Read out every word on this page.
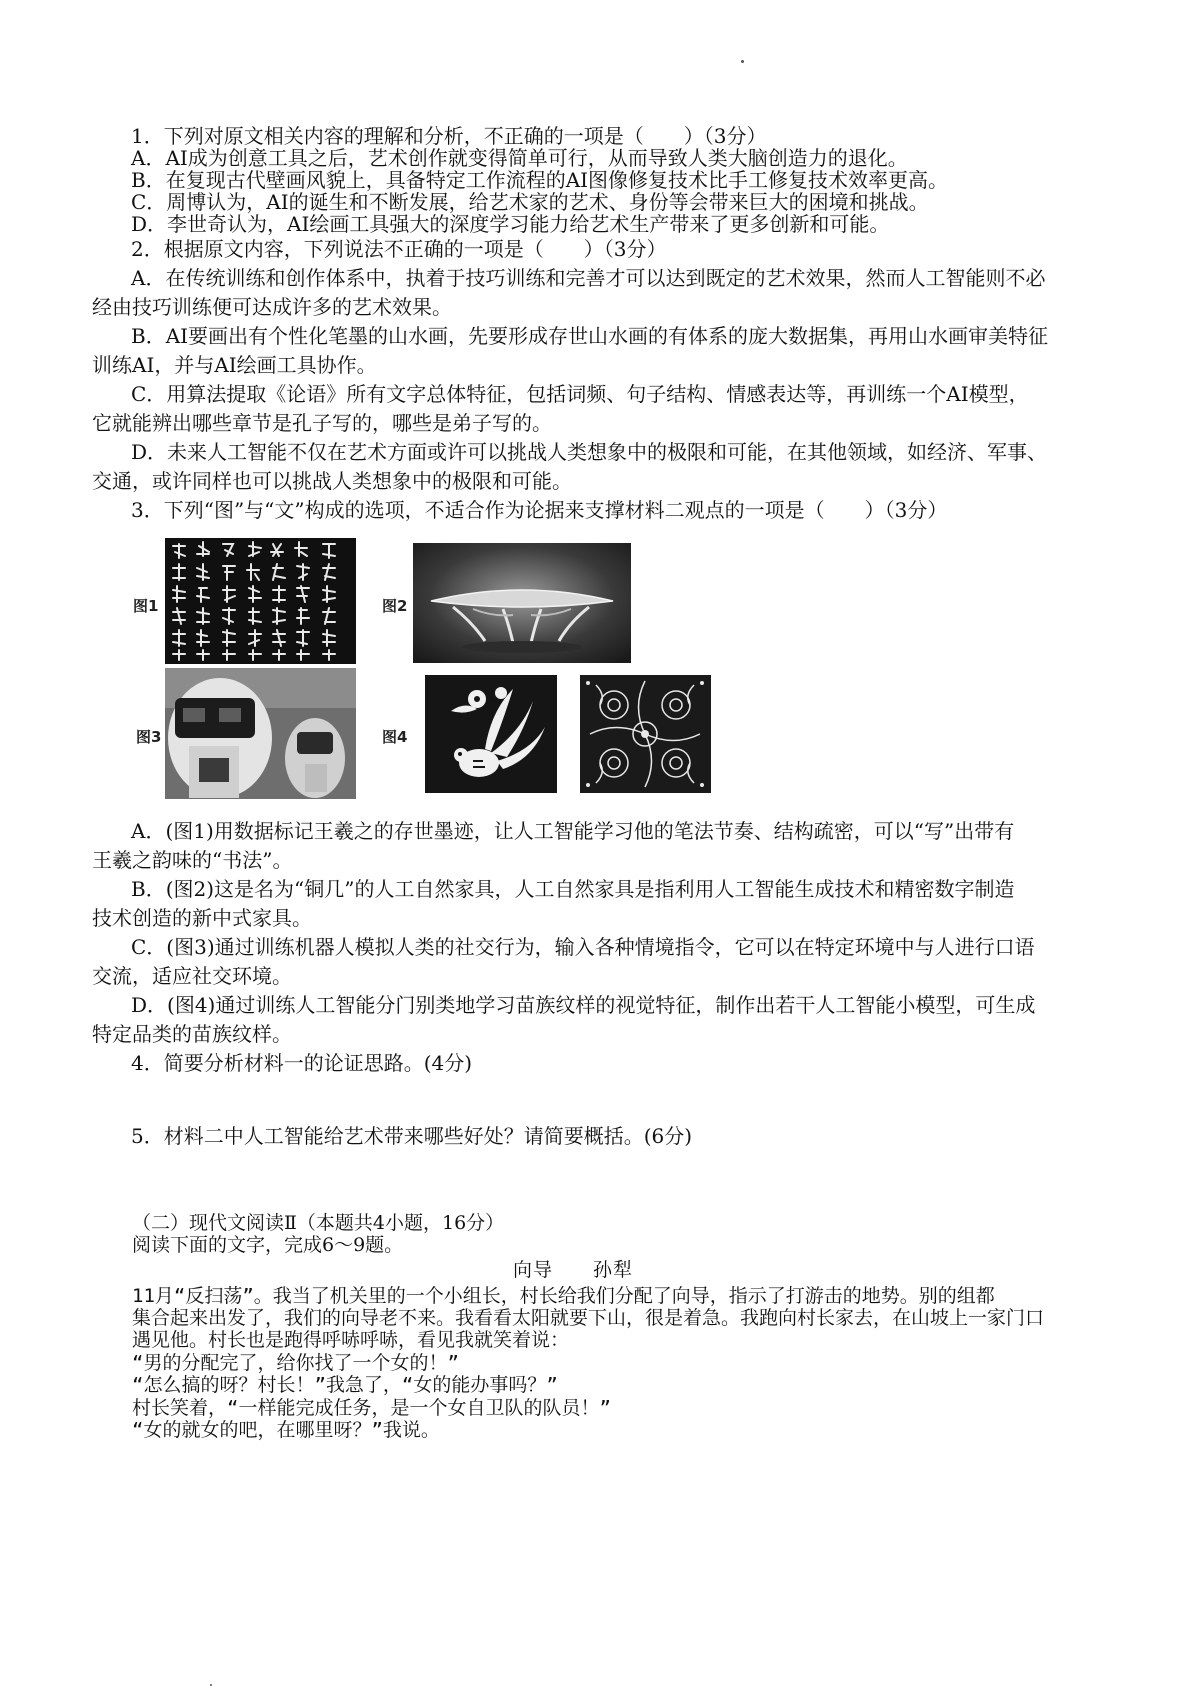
1．下列对原文相关内容的理解和分析，不正确的一项是（　　）（3分）
A．AI成为创意工具之后，艺术创作就变得简单可行，从而导致人类大脑创造力的退化。
B．在复现古代壁画风貌上，具备特定工作流程的AI图像修复技术比手工修复技术效率更高。
C．周博认为，AI的诞生和不断发展，给艺术家的艺术、身份等会带来巨大的困境和挑战。
D．李世奇认为，AI绘画工具强大的深度学习能力给艺术生产带来了更多创新和可能。
2．根据原文内容，下列说法不正确的一项是（　　）（3分）
A．在传统训练和创作体系中，执着于技巧训练和完善才可以达到既定的艺术效果，然而人工智能则不必
经由技巧训练便可达成许多的艺术效果。
B．AI要画出有个性化笔墨的山水画，先要形成存世山水画的有体系的庞大数据集，再用山水画审美特征
训练AI，并与AI绘画工具协作。
C．用算法提取《论语》所有文字总体特征，包括词频、句子结构、情感表达等，再训练一个AI模型，
它就能辨出哪些章节是孔子写的，哪些是弟子写的。
D．未来人工智能不仅在艺术方面或许可以挑战人类想象中的极限和可能，在其他领域，如经济、军事、
交通，或许同样也可以挑战人类想象中的极限和可能。
3．下列“图”与“文”构成的选项，不适合作为论据来支撑材料二观点的一项是（　　）（3分）
图1	图2
图3	图4
A．(图1)用数据标记王羲之的存世墨迹，让人工智能学习他的笔法节奏、结构疏密，可以“写”出带有
王羲之韵味的“书法”。
B．(图2)这是名为“铜几”的人工自然家具，人工自然家具是指利用人工智能生成技术和精密数字制造
技术创造的新中式家具。
C．(图3)通过训练机器人模拟人类的社交行为，输入各种情境指令，它可以在特定环境中与人进行口语
交流，适应社交环境。
D．(图4)通过训练人工智能分门别类地学习苗族纹样的视觉特征，制作出若干人工智能小模型，可生成
特定品类的苗族纹样。
4．简要分析材料一的论证思路。(4分)
5．材料二中人工智能给艺术带来哪些好处？请简要概括。(6分)
（二）现代文阅读Ⅱ（本题共4小题，16分）
阅读下面的文字，完成6～9题。
向导　　孙犁
11月“反扫荡”。我当了机关里的一个小组长，村长给我们分配了向导，指示了打游击的地势。别的组都
集合起来出发了，我们的向导老不来。我看看太阳就要下山，很是着急。我跑向村长家去，在山坡上一家门口
遇见他。村长也是跑得呼哧呼哧，看见我就笑着说：
“男的分配完了，给你找了一个女的！”
“怎么搞的呀？村长！”我急了，“女的能办事吗？”
村长笑着，“一样能完成任务，是一个女自卫队的队员！”
“女的就女的吧，在哪里呀？”我说。
